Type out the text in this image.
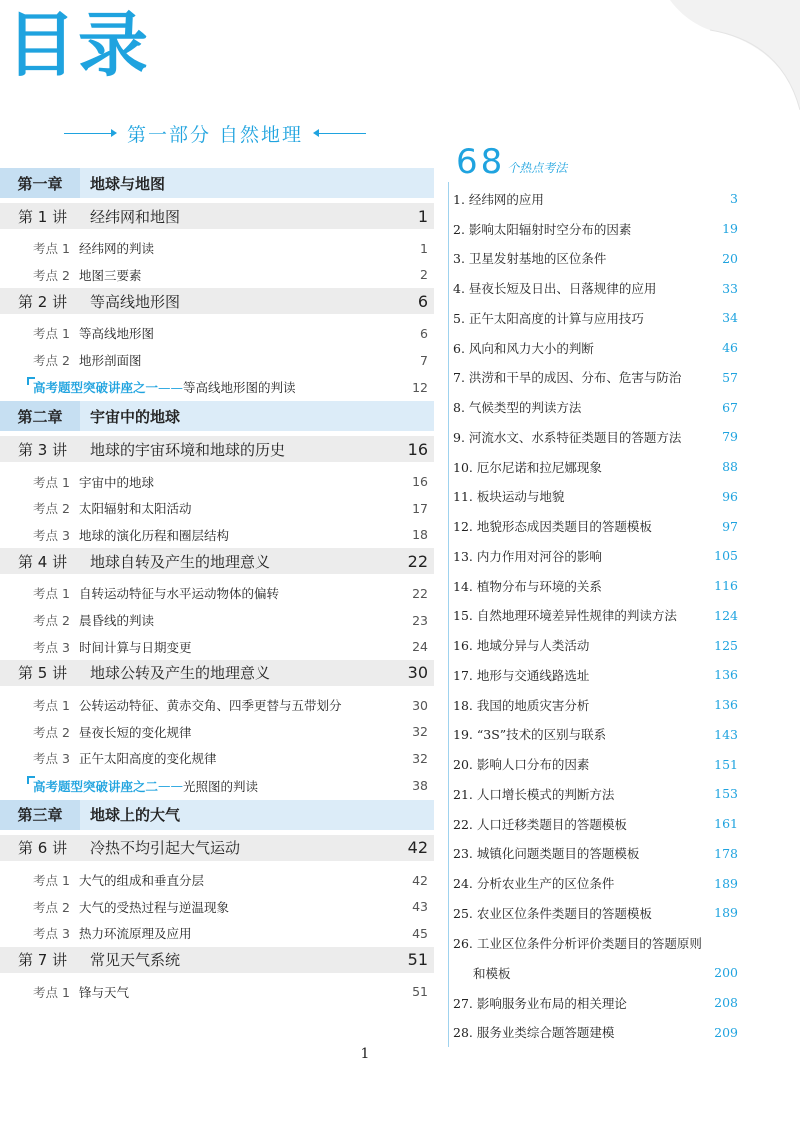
目录
第一部分 自然地理
第一章	地球与地图
第 1 讲	经纬网和地图	1
考点 1 经纬网的判读	1
考点 2 地图三要素	2
第 2 讲	等高线地形图	6
考点 1 等高线地形图	6
考点 2 地形剖面图	7
高考题型突破讲座之一 —— 等高线地形图的判读	12
第二章	宇宙中的地球
第 3 讲	地球的宇宙环境和地球的历史	16
考点 1 宇宙中的地球	16
考点 2 太阳辐射和太阳活动	17
考点 3 地球的演化历程和圈层结构	18
第 4 讲	地球自转及产生的地理意义	22
考点 1 自转运动特征与水平运动物体的偏转	22
考点 2 晨昏线的判读	23
考点 3 时间计算与日期变更	24
第 5 讲	地球公转及产生的地理意义	30
考点 1 公转运动特征、黄赤交角、四季更替与五带划分	30
考点 2 昼夜长短的变化规律	32
考点 3 正午太阳高度的变化规律	32
高考题型突破讲座之二 —— 光照图的判读	38
第三章	地球上的大气
第 6 讲	冷热不均引起大气运动	42
考点 1 大气的组成和垂直分层	42
考点 2 大气的受热过程与逆温现象	43
考点 3 热力环流原理及应用	45
第 7 讲	常见天气系统	51
考点 1 锋与天气	51
68 个热点考法
1. 经纬网的应用	3
2. 影响太阳辐射时空分布的因素	19
3. 卫星发射基地的区位条件	20
4. 昼夜长短及日出、日落规律的应用	33
5. 正午太阳高度的计算与应用技巧	34
6. 风向和风力大小的判断	46
7. 洪涝和干旱的成因、分布、危害与防治	57
8. 气候类型的判读方法	67
9. 河流水文、水系特征类题目的答题方法	79
10. 厄尔尼诺和拉尼娜现象	88
11. 板块运动与地貌	96
12. 地貌形态成因类题目的答题模板	97
13. 内力作用对河谷的影响	105
14. 植物分布与环境的关系	116
15. 自然地理环境差异性规律的判读方法	124
16. 地域分异与人类活动	125
17. 地形与交通线路选址	136
18. 我国的地质灾害分析	136
19. “3S”技术的区别与联系	143
20. 影响人口分布的因素	151
21. 人口增长模式的判断方法	153
22. 人口迁移类题目的答题模板	161
23. 城镇化问题类题目的答题模板	178
24. 分析农业生产的区位条件	189
25. 农业区位条件类题目的答题模板	189
26. 工业区位条件分析评价类题目的答题原则
和模板	200
27. 影响服务业布局的相关理论	208
28. 服务业类综合题答题建模	209
1
